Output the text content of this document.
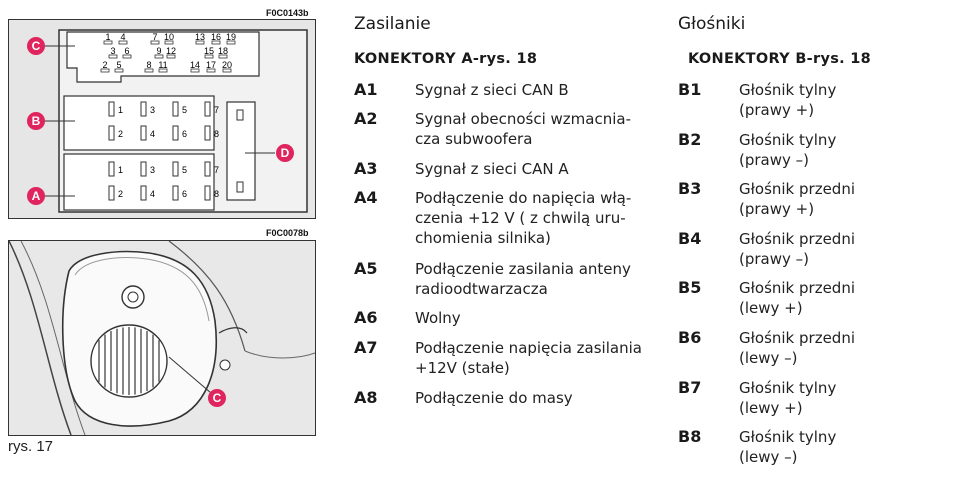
F0C0143b
1 4	7 10 13 16 19
3 6	9 12	15 18
2 5	8 11 14 17 20
1	3	5	7
2	4	6	8
1	3	5	7
2	4	6	8
C
B
D
A
F0C0078b
C
rys. 17
Zasilanie
KONEKTORY A-rys. 18
A1 Sygnał z sieci CAN B
A2 Sygnał obecności wzmacnia-
cza subwoofera
A3 Sygnał z sieci CAN A
A4 Podłączenie do napięcia włą-
czenia +12 V ( z chwilą uru-
chomienia silnika)
A5 Podłączenie zasilania anteny
radioodtwarzacza
A6 Wolny
A7 Podłączenie napięcia zasilania
+12V (stałe)
A8 Podłączenie do masy
Głośniki
KONEKTORY B-rys. 18
B1	Głośnik tylny
(prawy +)
B2	Głośnik tylny
(prawy –)
B3	Głośnik przedni
(prawy +)
B4	Głośnik przedni
(prawy –)
B5	Głośnik przedni
(lewy +)
B6	Głośnik przedni
(lewy –)
B7	Głośnik tylny
(lewy +)
B8	Głośnik tylny
(lewy –)
